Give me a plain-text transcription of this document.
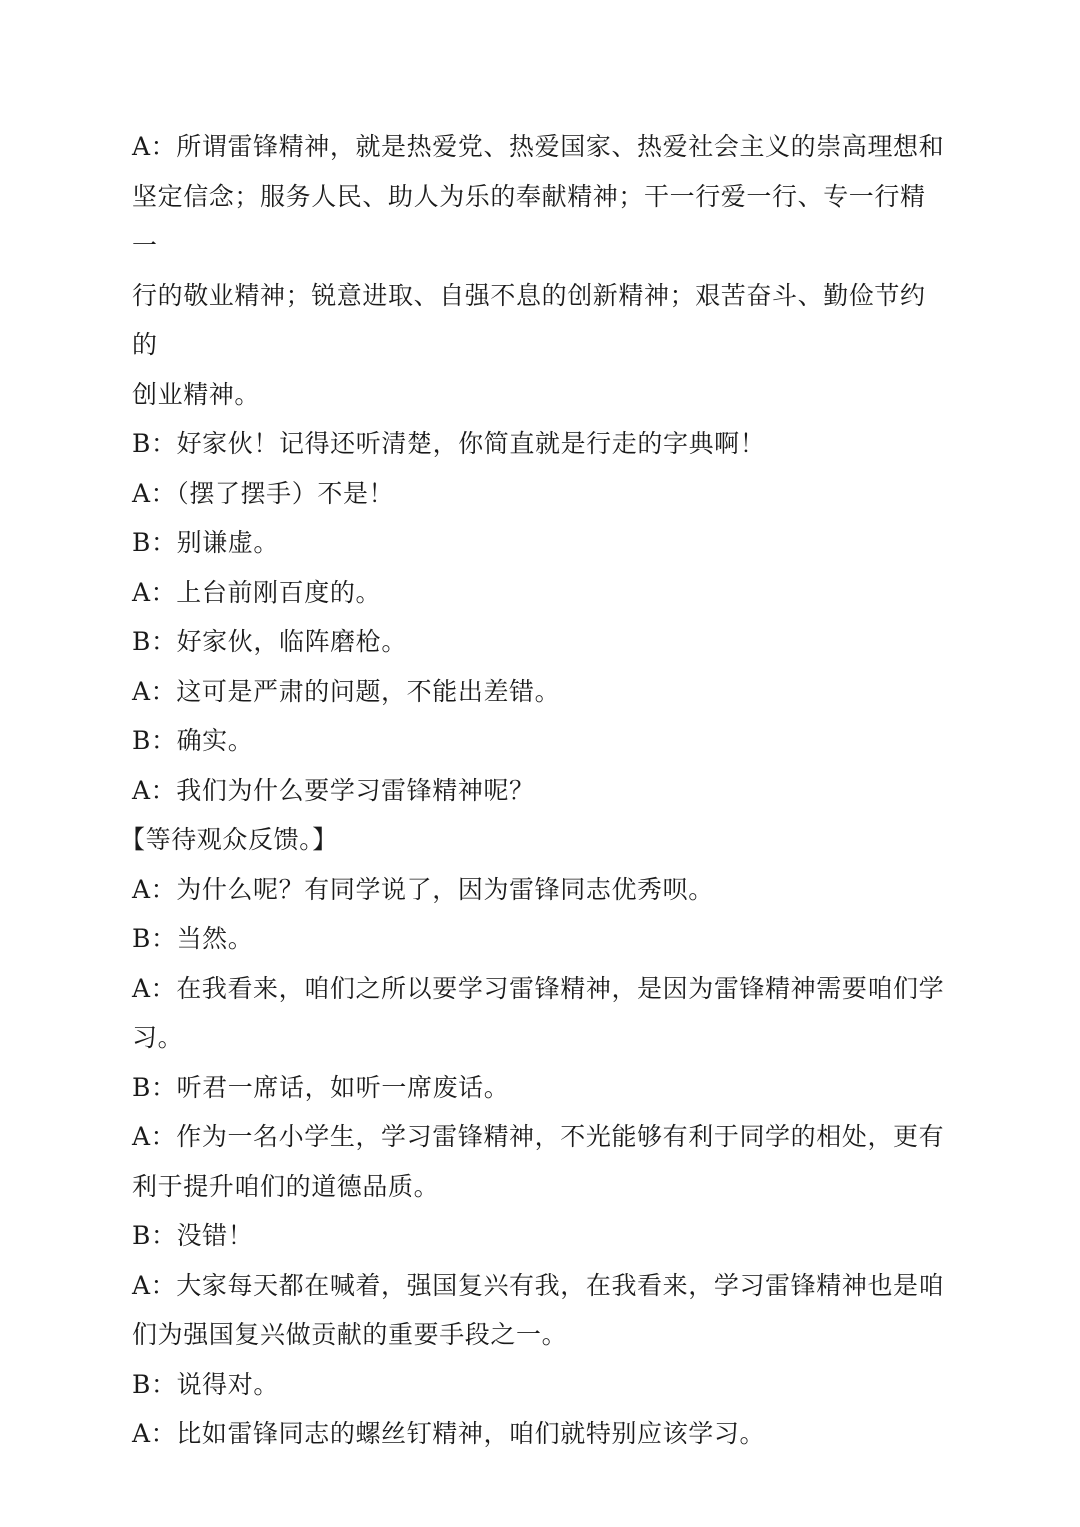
A：所谓雷锋精神，就是热爱党、热爱国家、热爱社会主义的崇高理想和

坚定信念；服务人民、助人为乐的奉献精神；干一行爱一行、专一行精一

行的敬业精神；锐意进取、自强不息的创新精神；艰苦奋斗、勤俭节约的

创业精神。

B：好家伙！记得还听清楚，你简直就是行走的字典啊！

A：（摆了摆手）不是！

B：别谦虚。

A：上台前刚百度的。

B：好家伙，临阵磨枪。

A：这可是严肃的问题，不能出差错。

B：确实。

A：我们为什么要学习雷锋精神呢？

【等待观众反馈。】

A：为什么呢？有同学说了，因为雷锋同志优秀呗。

B：当然。

A：在我看来，咱们之所以要学习雷锋精神，是因为雷锋精神需要咱们学

习。

B：听君一席话，如听一席废话。

A：作为一名小学生，学习雷锋精神，不光能够有利于同学的相处，更有

利于提升咱们的道德品质。

B：没错！

A：大家每天都在喊着，强国复兴有我，在我看来，学习雷锋精神也是咱

们为强国复兴做贡献的重要手段之一。

B：说得对。

A：比如雷锋同志的螺丝钉精神，咱们就特别应该学习。
